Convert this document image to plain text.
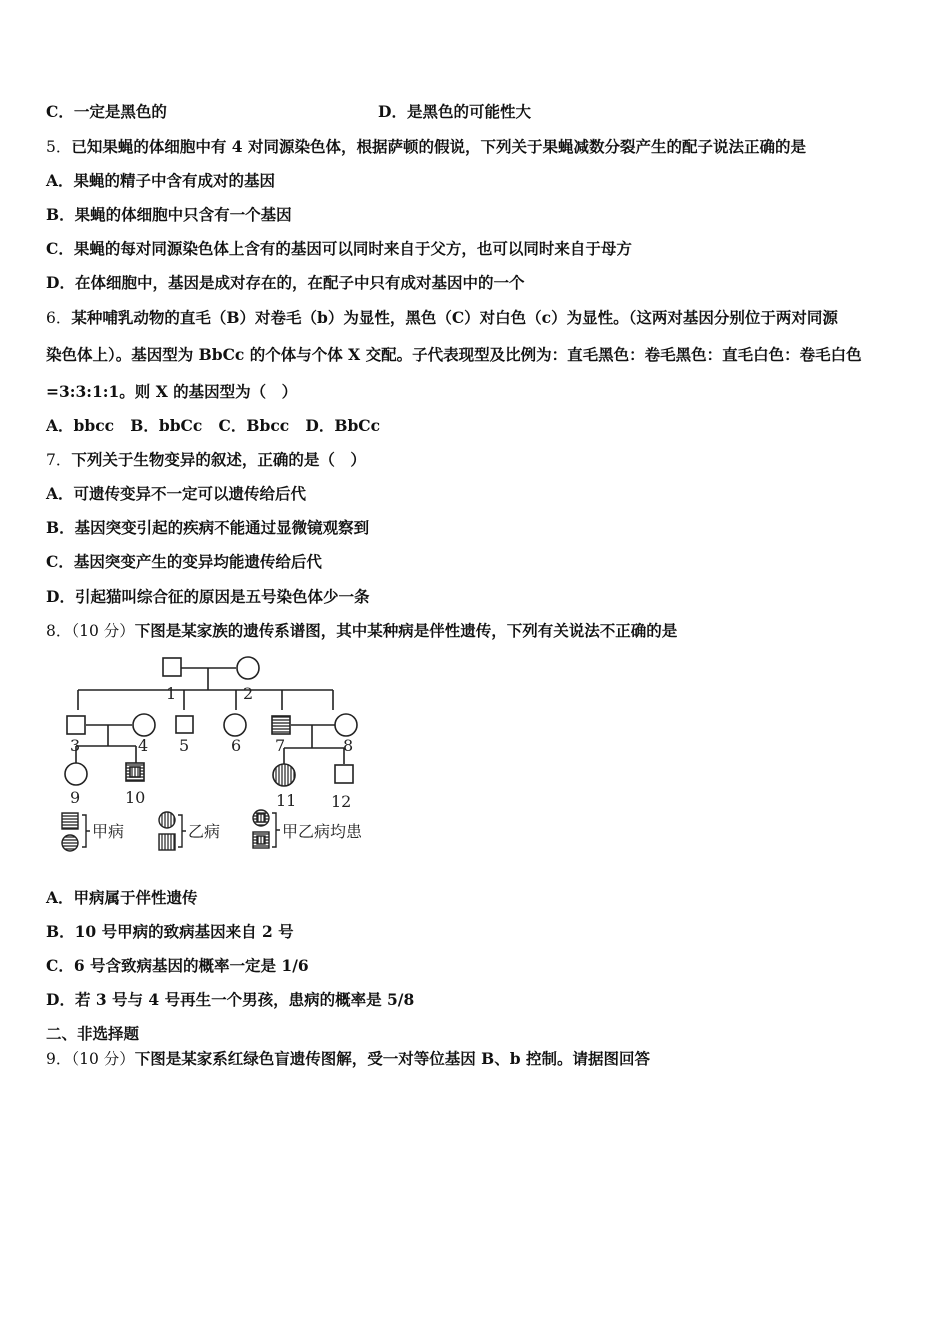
C．一定是黑色的	D．是黑色的可能性大
5．已知果蝇的体细胞中有 4 对同源染色体，根据萨顿的假说，下列关于果蝇减数分裂产生的配子说法正确的是
A．果蝇的精子中含有成对的基因
B．果蝇的体细胞中只含有一个基因
C．果蝇的每对同源染色体上含有的基因可以同时来自于父方，也可以同时来自于母方
D．在体细胞中，基因是成对存在的，在配子中只有成对基因中的一个
6．某种哺乳动物的直毛（B）对卷毛（b）为显性，黑色（C）对白色（c）为显性。（这两对基因分别位于两对同源
染色体上）。基因型为 BbCc 的个体与个体 X 交配。子代表现型及比例为：直毛黑色：卷毛黑色：直毛白色：卷毛白色
=3:3:1:1。则 X 的基因型为（　）
A．bbcc B．bbCc C．Bbcc D．BbCc
7．下列关于生物变异的叙述，正确的是（　）
A．可遗传变异不一定可以遗传给后代
B．基因突变引起的疾病不能通过显微镜观察到
C．基因突变产生的变异均能遗传给后代
D．引起猫叫综合征的原因是五号染色体少一条
8．（10 分）下图是某家族的遗传系谱图，其中某种病是伴性遗传，下列有关说法不正确的是
1	2
3	4 5	6 7	8
9	10	11 12
甲病	乙病	甲乙病均患
A．甲病属于伴性遗传
B．10 号甲病的致病基因来自 2 号
C．6 号含致病基因的概率一定是 1/6
D．若 3 号与 4 号再生一个男孩，患病的概率是 5/8
二、非选择题
9．（10 分）下图是某家系红绿色盲遗传图解，受一对等位基因 B、b 控制。请据图回答
